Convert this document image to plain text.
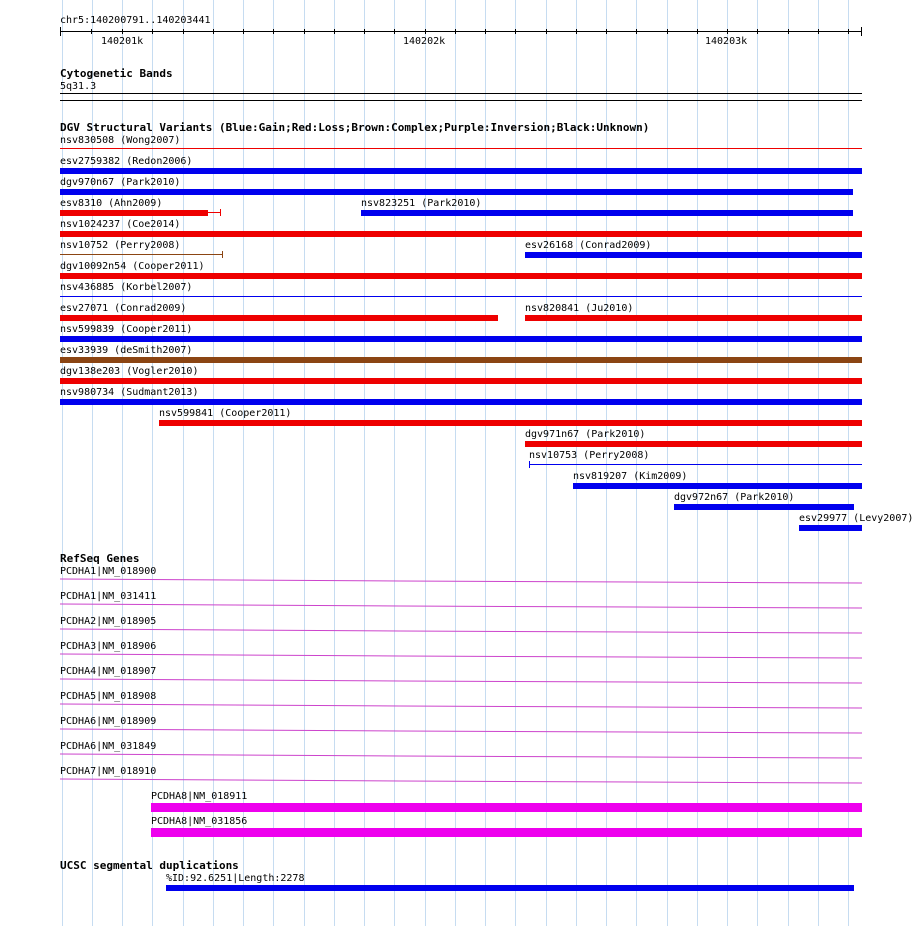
chr5:140200791..140203441
140201k	140202k	140203k
Cytogenetic Bands
5q31.3
DGV Structural Variants (Blue:Gain;Red:Loss;Brown:Complex;Purple:Inversion;Black:Unknown)
nsv830508 (Wong2007)
esv2759382 (Redon2006)
dgv970n67 (Park2010)
esv8310 (Ahn2009)	nsv823251 (Park2010)
nsv1024237 (Coe2014)
nsv10752 (Perry2008)	esv26168 (Conrad2009)
dgv10092n54 (Cooper2011)
nsv436885 (Korbel2007)
esv27071 (Conrad2009)	nsv820841 (Ju2010)
nsv599839 (Cooper2011)
esv33939 (deSmith2007)
dgv138e203 (Vogler2010)
nsv980734 (Sudmant2013)
nsv599841 (Cooper2011)
dgv971n67 (Park2010)
nsv10753 (Perry2008)
nsv819207 (Kim2009)
dgv972n67 (Park2010)
esv29977 (Levy2007)
RefSeq Genes
PCDHA1|NM_018900
PCDHA1|NM_031411
PCDHA2|NM_018905
PCDHA3|NM_018906
PCDHA4|NM_018907
PCDHA5|NM_018908
PCDHA6|NM_018909
PCDHA6|NM_031849
PCDHA7|NM_018910
PCDHA8|NM_018911
PCDHA8|NM_031856
UCSC segmental duplications
%ID:92.6251|Length:2278
